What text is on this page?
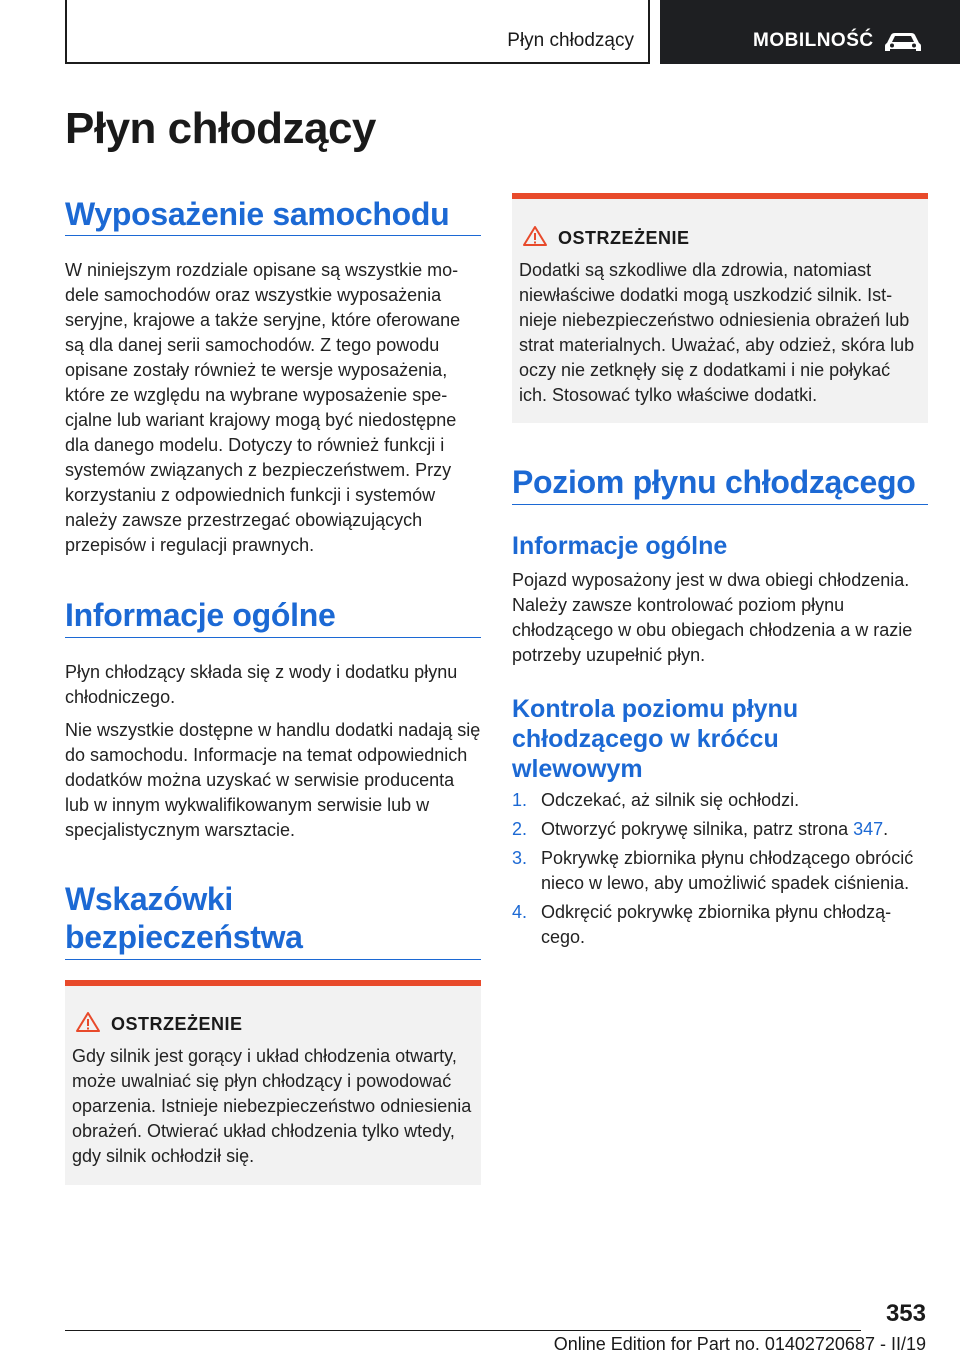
Płyn chłodzący	MOBILNOŚĆ
Płyn chłodzący
Wyposażenie samochodu

W niniejszym rozdziale opisane są wszystkie modele samochodów oraz wszystkie wyposażenia seryjne, krajowe a także seryjne, które oferowane są dla danej serii samochodów. Z tego powodu opisane zostały również te wersje wyposażenia, które ze względu na wybrane wyposażenie specjalne lub wariant krajowy mogą być niedostępne dla danego modelu. Dotyczy to również funkcji i systemów związanych z bezpieczeństwem. Przy korzystaniu z odpowiednich funkcji i systemów należy zawsze przestrzegać obowiązujących przepisów i regulacji prawnych.

Informacje ogólne

Płyn chłodzący składa się z wody i dodatku płynu chłodniczego.

Nie wszystkie dostępne w handlu dodatki nadają się do samochodu. Informacje na temat odpowiednich dodatków można uzyskać w serwisie producenta lub w innym wykwalifikowanym serwisie lub w specjalistycznym warsztacie.

Wskazówki
bezpieczeństwa
OSTRZEŻENIE

Gdy silnik jest gorący i układ chłodzenia otwarty, może uwalniać się płyn chłodzący i powodować oparzenia. Istnieje niebezpieczeństwo odniesienia obrażeń. Otwierać układ chłodzenia tylko wtedy, gdy silnik ochłodził się.

OSTRZEŻENIE

Dodatki są szkodliwe dla zdrowia, natomiast niewłaściwe dodatki mogą uszkodzić silnik. Istnieje niebezpieczeństwo odniesienia obrażeń lub strat materialnych. Uważać, aby odzież, skóra lub oczy nie zetknęły się z dodatkami i nie połykać ich. Stosować tylko właściwe dodatki.

Poziom płynu chłodzącego
Informacje ogólne

Pojazd wyposażony jest w dwa obiegi chłodzenia. Należy zawsze kontrolować poziom płynu chłodzącego w obu obiegach chłodzenia a w razie potrzeby uzupełnić płyn.

Kontrola poziomu płynu
chłodzącego w króćcu
wlewowym
1. Odczekać, aż silnik się ochłodzi.
2. Otworzyć pokrywę silnika, patrz strona 347.
3. Pokrywkę zbiornika płynu chłodzącego obrócić nieco w lewo, aby umożliwić spadek ciśnienia.
4. Odkręcić pokrywkę zbiornika płynu chłodzącego.
353
Online Edition for Part no. 01402720687 - II/19
